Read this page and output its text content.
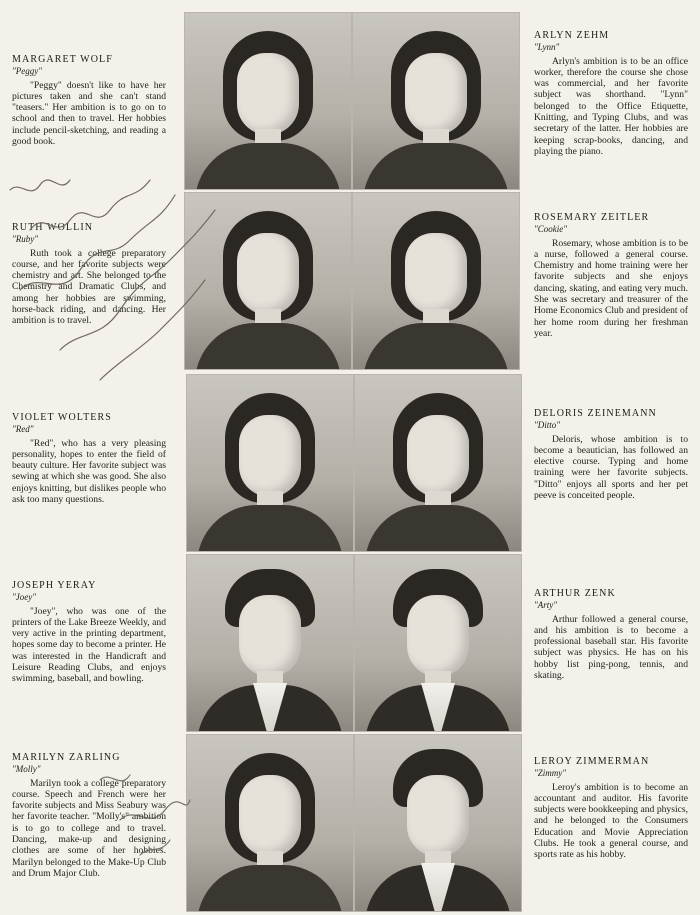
MARGARET WOLF
"Peggy"
"Peggy" doesn't like to have her pictures taken and she can't stand "teasers." Her ambition is to go on to school and then to travel. Her hobbies include pencil-sketching, and reading a good book.
ARLYN ZEHM
"Lynn"
Arlyn's ambition is to be an office worker, therefore the course she chose was commercial, and her favorite subject was shorthand. "Lynn" belonged to the Office Etiquette, Knitting, and Typing Clubs, and was secretary of the latter. Her hobbies are keeping scrap-books, dancing, and playing the piano.
RUTH WOLLIN
"Ruby"
Ruth took a college preparatory course, and her favorite subjects were chemistry and art. She belonged to the Chemistry and Dramatic Clubs, and among her hobbies are swimming, horse-back riding, and dancing. Her ambition is to travel.
ROSEMARY ZEITLER
"Cookie"
Rosemary, whose ambition is to be a nurse, followed a general course. Chemistry and home training were her favorite subjects and she enjoys dancing, skating, and eating very much. She was secretary and treasurer of the Home Economics Club and president of her home room during her freshman year.
VIOLET WOLTERS
"Red"
"Red", who has a very pleasing personality, hopes to enter the field of beauty culture. Her favorite subject was sewing at which she was good. She also enjoys knitting, but dislikes people who ask too many questions.
DELORIS ZEINEMANN
"Ditto"
Deloris, whose ambition is to become a beautician, has followed an elective course. Typing and home training were her favorite subjects. "Ditto" enjoys all sports and her pet peeve is conceited people.
JOSEPH YERAY
"Joey"
"Joey", who was one of the printers of the Lake Breeze Weekly, and very active in the printing department, hopes some day to become a printer. He was interested in the Handicraft and Leisure Reading Clubs, and enjoys swimming, baseball, and bowling.
ARTHUR ZENK
"Arty"
Arthur followed a general course, and his ambition is to become a professional baseball star. His favorite subject was physics. He has on his hobby list ping-pong, tennis, and skating.
MARILYN ZARLING
"Molly"
Marilyn took a college preparatory course. Speech and French were her favorite subjects and Miss Seabury was her favorite teacher. "Molly's" ambition is to go to college and to travel. Dancing, make-up and designing clothes are some of her hobbies. Marilyn belonged to the Make-Up Club and Drum Major Club.
LEROY ZIMMERMAN
"Zimmy"
Leroy's ambition is to become an accountant and auditor. His favorite subjects were bookkeeping and physics, and he belonged to the Consumers Education and Movie Appreciation Clubs. He took a general course, and sports rate as his hobby.
